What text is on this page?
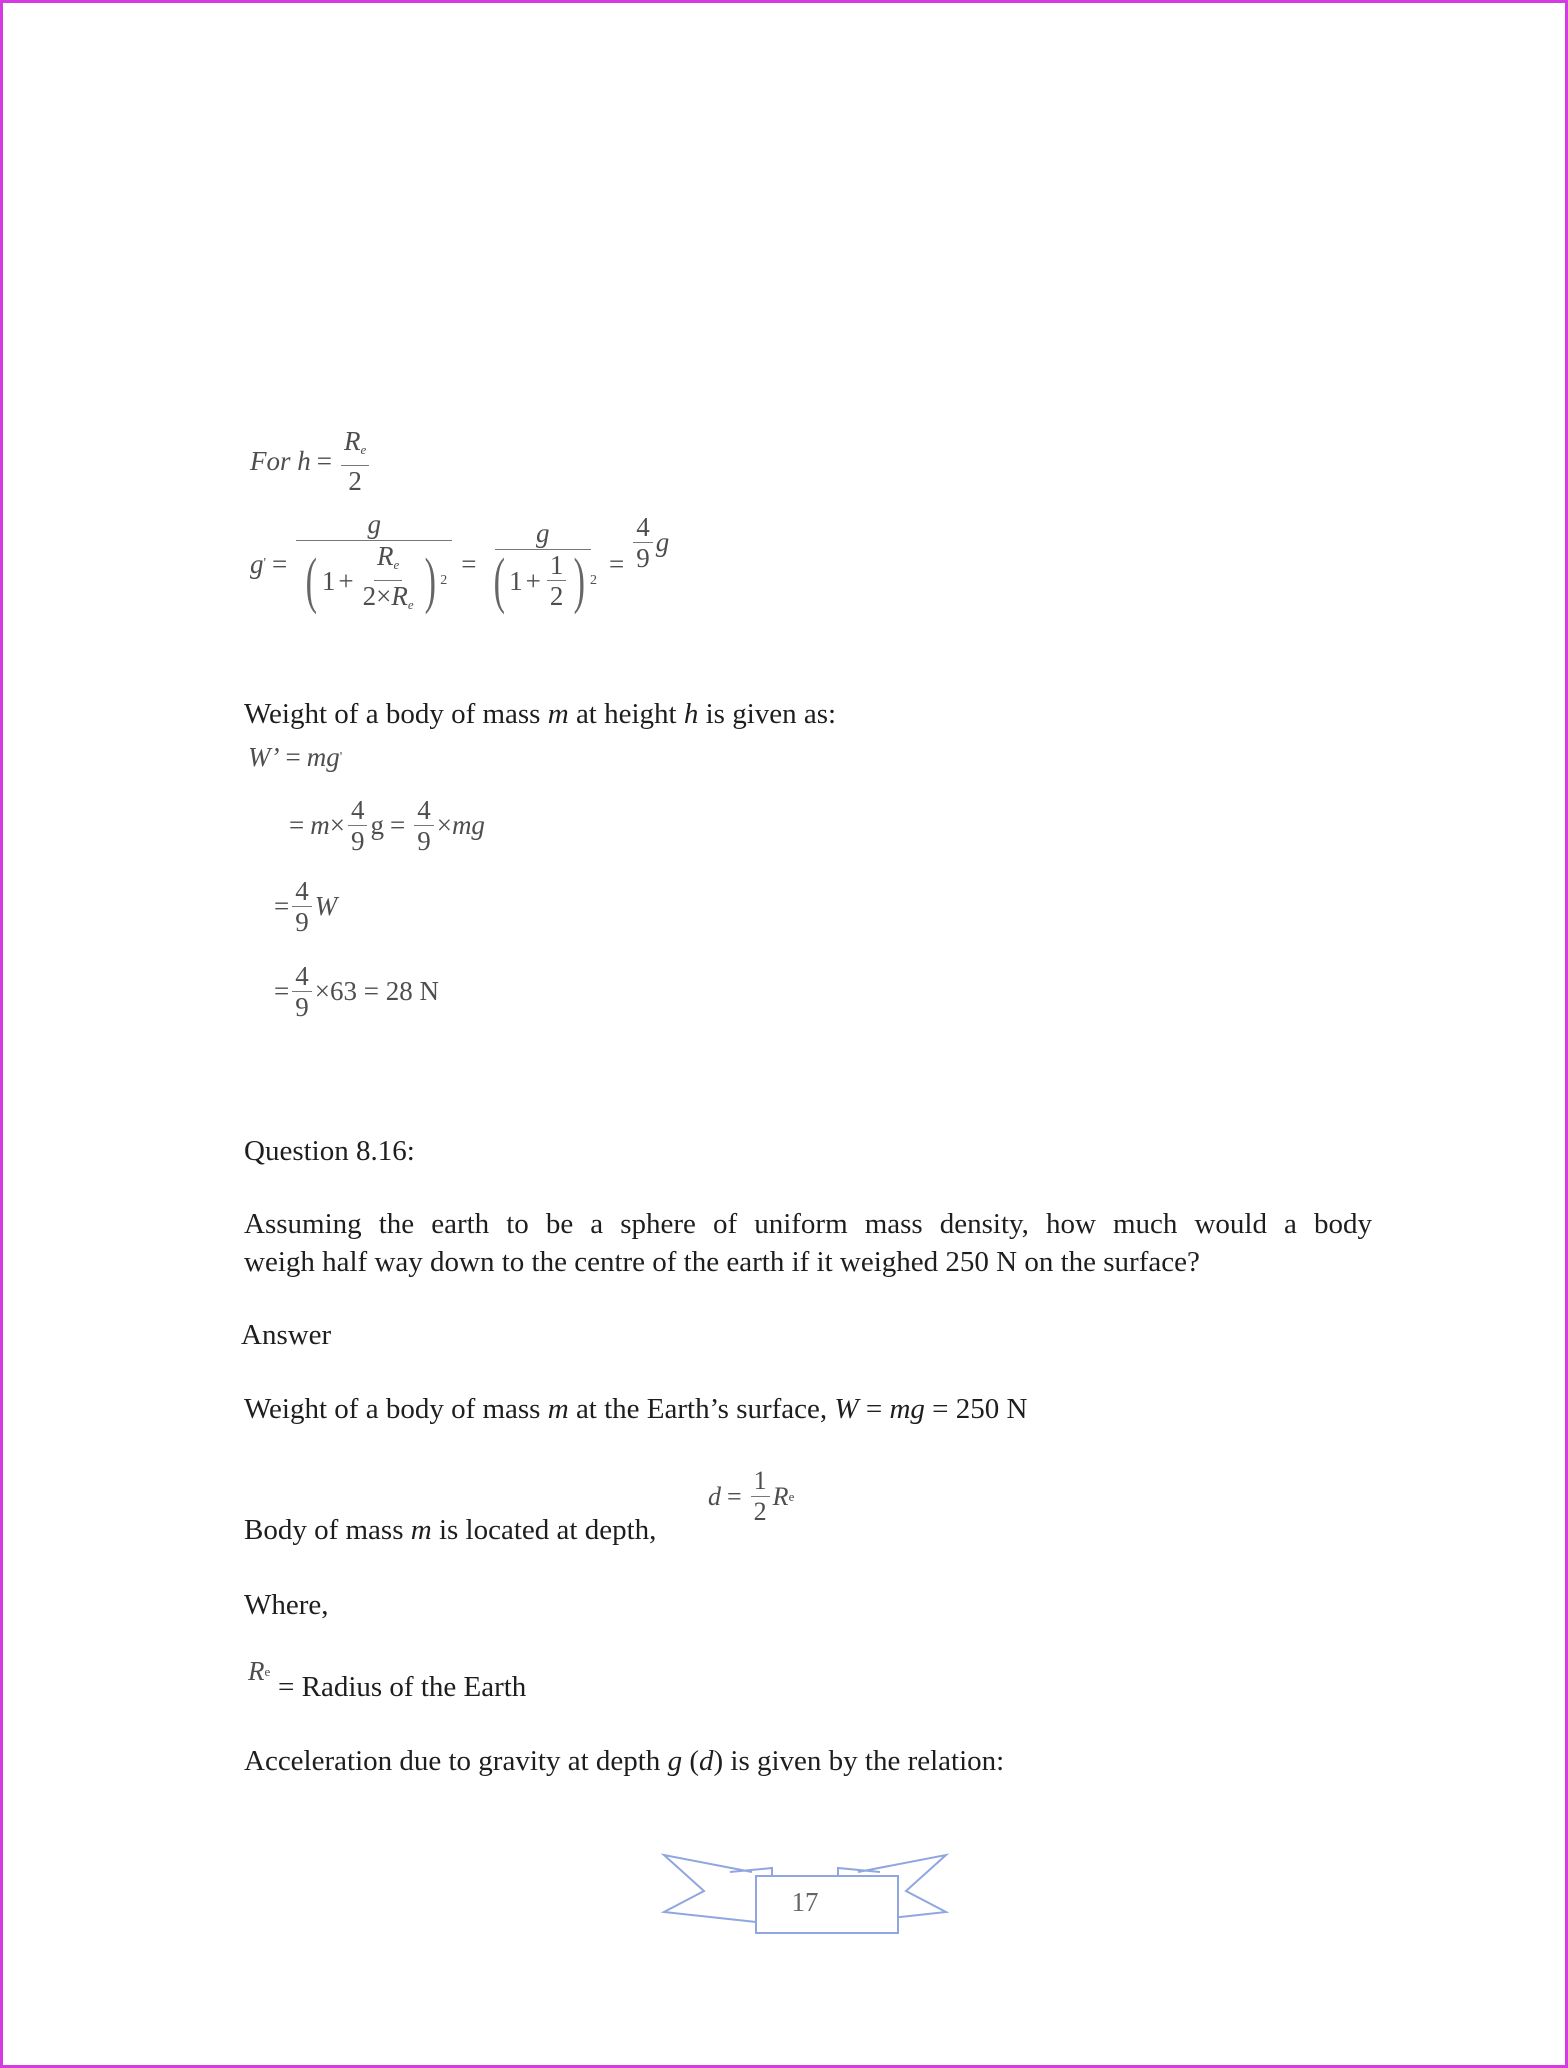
For
$h = \frac{R_e}{2}$
g ' = $\frac{g}{( 1 + \frac{R_e}{2\times R_e} ) 2} = \frac{g}{( 1 + \frac{1}{2} ) 2} = \frac{4}{9}$ g
Weight of a body of mass m at height h is given as:
W’ = mg '
= $m \times \frac{4}{9}$ $g = \frac{4}{9}$ × mg
= $\frac{4}{9}$ W
= $\frac{4}{9} \times 63 = 28$ N
Question 8.16:
Assuming the earth to be a sphere of uniform mass density, how much would a body
weigh half way down to the centre of the earth if it weighed 250 N on the surface?
Answer
Weight of a body of mass m at the Earth’s surface, W = mg = 250 N
Body of mass m is located at depth,
$d = \frac{1}{2}$ R e
Where,
R e = Radius of the Earth
Acceleration due to gravity at depth g (d) is given by the relation:
17
